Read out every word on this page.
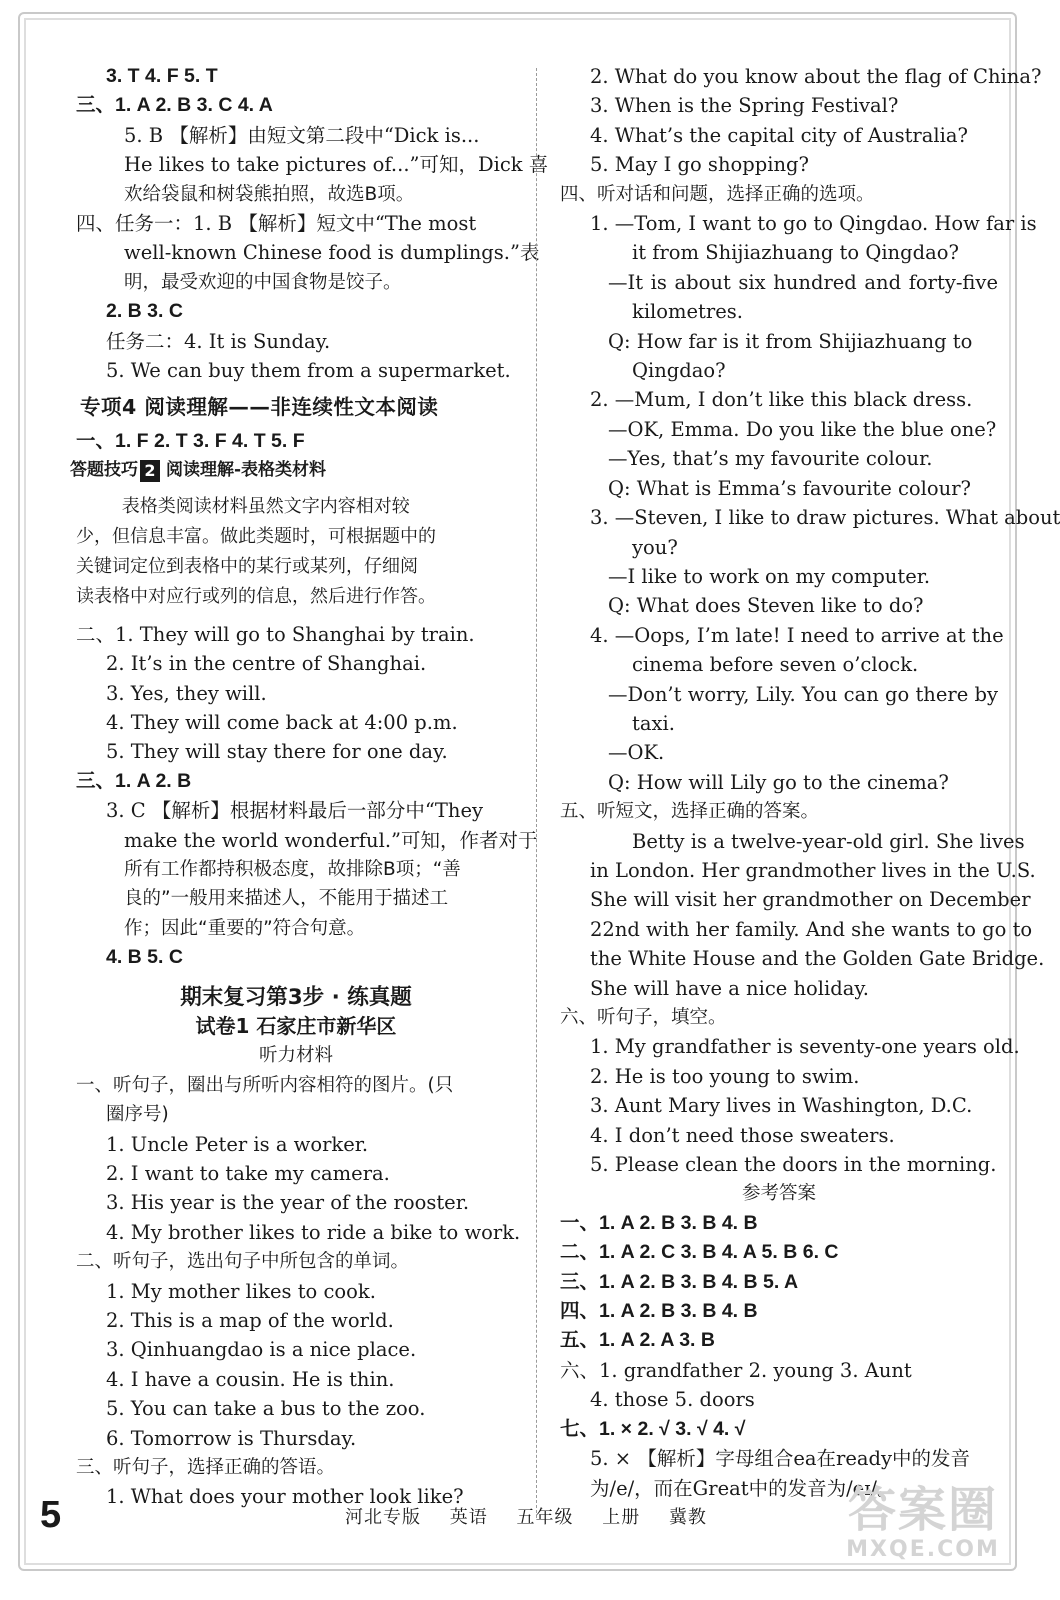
3. T 4. F 5. T
三、1. A 2. B 3. C 4. A
5. B 【解析】由短文第二段中“Dick is...
He likes to take pictures of...”可知，Dick 喜
欢给袋鼠和树袋熊拍照，故选B项。
四、任务一：1. B 【解析】短文中“The most
well-known Chinese food is dumplings.”表
明，最受欢迎的中国食物是饺子。
2. B 3. C
任务二：4. It is Sunday.
5. We can buy them from a supermarket.
专项4 阅读理解——非连续性文本阅读
一、1. F 2. T 3. F 4. T 5. F
答题技巧 2 阅读理解-表格类材料
表格类阅读材料虽然文字内容相对较
少，但信息丰富。做此类题时，可根据题中的
关键词定位到表格中的某行或某列，仔细阅
读表格中对应行或列的信息，然后进行作答。
二、1. They will go to Shanghai by train.
2. It’s in the centre of Shanghai.
3. Yes, they will.
4. They will come back at 4:00 p.m.
5. They will stay there for one day.
三、1. A 2. B
3. C 【解析】根据材料最后一部分中“They
make the world wonderful.”可知，作者对于
所有工作都持积极态度，故排除B项；“善
良的”一般用来描述人，不能用于描述工
作；因此“重要的”符合句意。
4. B 5. C
期末复习第3步 · 练真题
试卷1 石家庄市新华区
听力材料
一、听句子，圈出与所听内容相符的图片。(只
圈序号)
1. Uncle Peter is a worker.
2. I want to take my camera.
3. His year is the year of the rooster.
4. My brother likes to ride a bike to work.
二、听句子，选出句子中所包含的单词。
1. My mother likes to cook.
2. This is a map of the world.
3. Qinhuangdao is a nice place.
4. I have a cousin. He is thin.
5. You can take a bus to the zoo.
6. Tomorrow is Thursday.
三、听句子，选择正确的答语。
1. What does your mother look like?
2. What do you know about the flag of China?
3. When is the Spring Festival?
4. What’s the capital city of Australia?
5. May I go shopping?
四、听对话和问题，选择正确的选项。
1. —Tom, I want to go to Qingdao. How far is
it from Shijiazhuang to Qingdao?
—It is about six hundred and forty-five
kilometres.
Q: How far is it from Shijiazhuang to
Qingdao?
2. —Mum, I don’t like this black dress.
—OK, Emma. Do you like the blue one?
—Yes, that’s my favourite colour.
Q: What is Emma’s favourite colour?
3. —Steven, I like to draw pictures. What about
you?
—I like to work on my computer.
Q: What does Steven like to do?
4. —Oops, I’m late! I need to arrive at the
cinema before seven o’clock.
—Don’t worry, Lily. You can go there by
taxi.
—OK.
Q: How will Lily go to the cinema?
五、听短文，选择正确的答案。
Betty is a twelve-year-old girl. She lives
in London. Her grandmother lives in the U.S.
She will visit her grandmother on December
22nd with her family. And she wants to go to
the White House and the Golden Gate Bridge.
She will have a nice holiday.
六、听句子，填空。
1. My grandfather is seventy-one years old.
2. He is too young to swim.
3. Aunt Mary lives in Washington, D.C.
4. I don’t need those sweaters.
5. Please clean the doors in the morning.
参考答案
一、1. A 2. B 3. B 4. B
二、1. A 2. C 3. B 4. A 5. B 6. C
三、1. A 2. B 3. B 4. B 5. A
四、1. A 2. B 3. B 4. B
五、1. A 2. A 3. B
六、1. grandfather 2. young 3. Aunt
4. those 5. doors
七、1. × 2. √ 3. √ 4. √
5. × 【解析】字母组合ea在ready中的发音
为/e/，而在Great中的发音为/eɪ/。
5	河北专版 英语 五年级 上册 冀教	答案圈
MXQE.COM
